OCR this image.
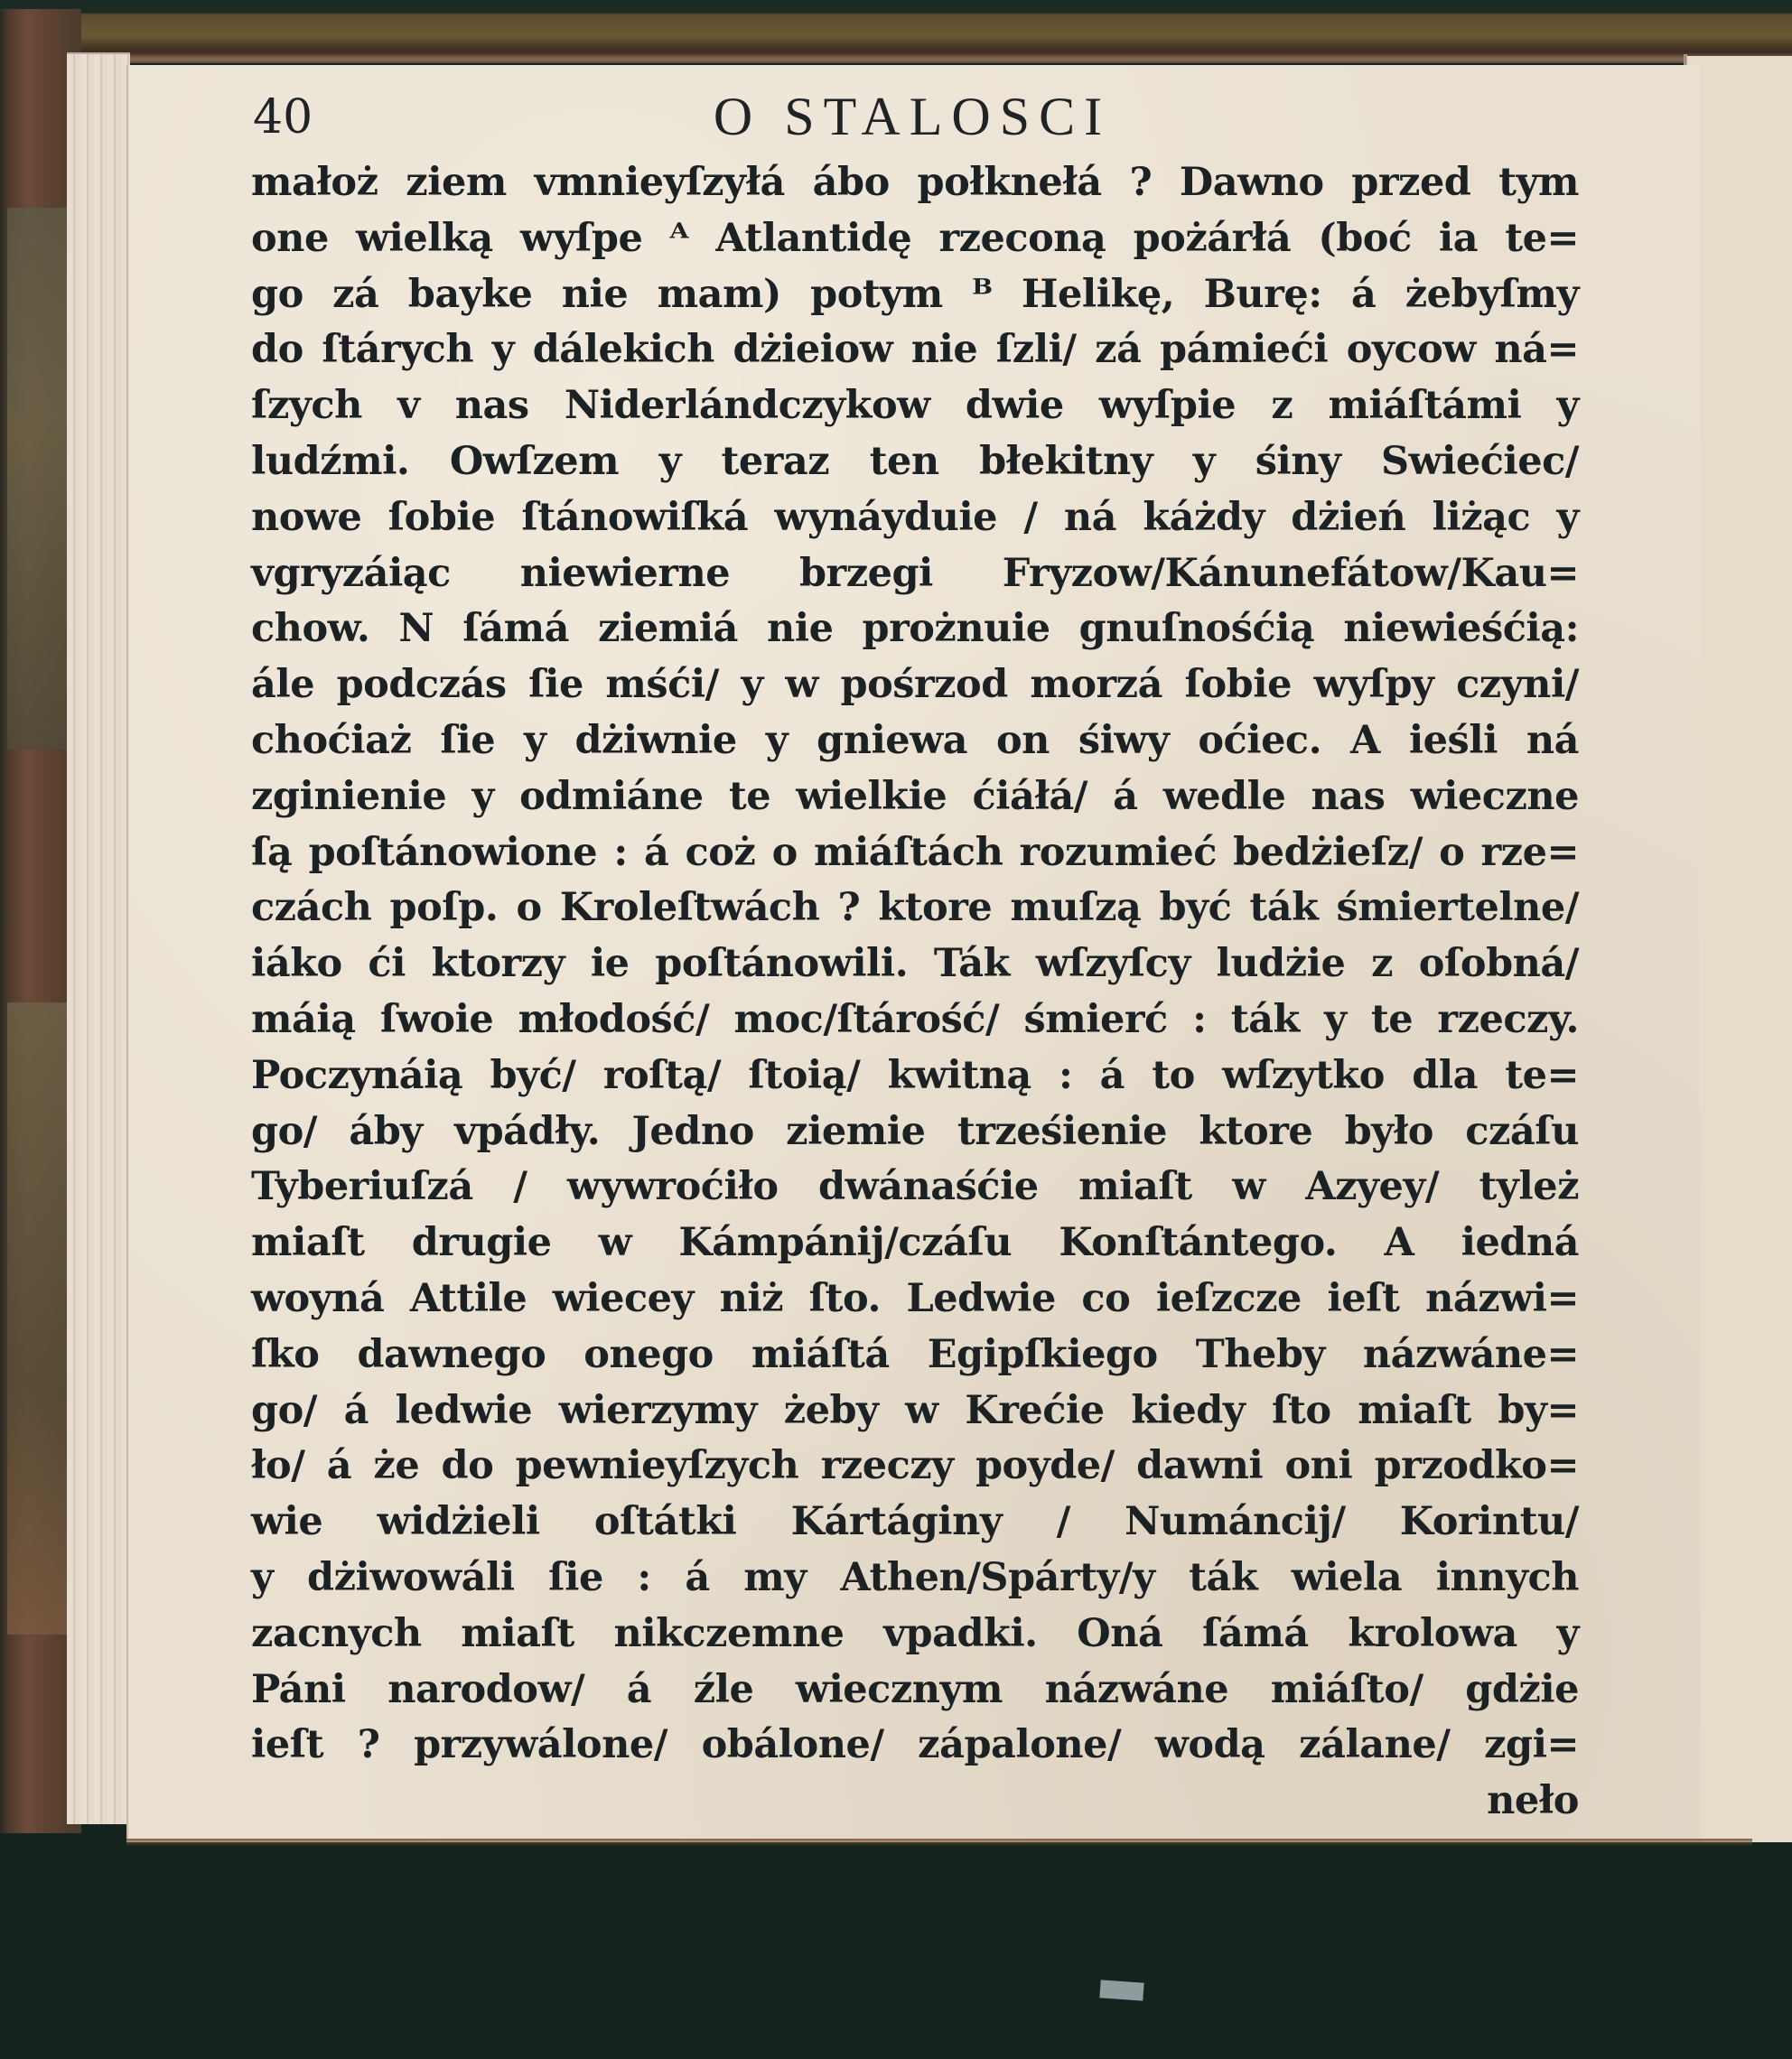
40	O STALOSCI
małoż ziem vmnieyſzyłá ábo połknełá ? Dawno przed tym
one wielką wyſpe ᴬ Atlantidę rzeconą pożárłá (boć ia te=
go zá bayke nie mam) potym ᴮ Helikę, Burę: á żebyſmy
do ſtárych y dálekich dżieiow nie ſzli/ zá pámieći oycow ná=
ſzych v nas Niderlándczykow dwie wyſpie z miáſtámi y
ludźmi. Owſzem y teraz ten błekitny y śiny Swiećiec/
nowe ſobie ſtánowiſká wynáyduie / ná káżdy dżień liżąc y
vgryzáiąc niewierne brzegi Fryzow/Kánunefátow/Kau=
chow. N ſámá ziemiá nie prożnuie gnuſnośćią niewieśćią:
ále podczás ſie mśći/ y w pośrzod morzá ſobie wyſpy czyni/
choćiaż ſie y dżiwnie y gniewa on śiwy oćiec. A ieśli ná
zginienie y odmiáne te wielkie ćiáłá/ á wedle nas wieczne
ſą poſtánowione : á coż o miáſtách rozumieć bedżieſz/ o rze=
czách poſp. o Kroleſtwách ? ktore muſzą być ták śmiertelne/
iáko ći ktorzy ie poſtánowili. Ták wſzyſcy ludżie z oſobná/
máią ſwoie młodość/ moc/ſtárość/ śmierć : ták y te rzeczy.
Poczynáią być/ roſtą/ ſtoią/ kwitną : á to wſzytko dla te=
go/ áby vpádły. Jedno ziemie trześienie ktore było czáſu
Tyberiuſzá / wywroćiło dwánaśćie miaſt w Azyey/ tyleż
miaſt drugie w Kámpánij/czáſu Konſtántego. A iedná
woyná Attile wiecey niż ſto. Ledwie co ieſzcze ieſt názwi=
ſko dawnego onego miáſtá Egipſkiego Theby názwáne=
go/ á ledwie wierzymy żeby w Krećie kiedy ſto miaſt by=
ło/ á że do pewnieyſzych rzeczy poyde/ dawni oni przodko=
wie widżieli oſtátki Kártáginy / Numáncij/ Korintu/
y dżiwowáli ſie : á my Athen/Spárty/y ták wiela innych
zacnych miaſt nikczemne vpadki. Oná ſámá krolowa y
Páni narodow/ á źle wiecznym názwáne miáſto/ gdżie
ieſt ? przywálone/ obálone/ zápalone/ wodą zálane/ zgi=
neło
